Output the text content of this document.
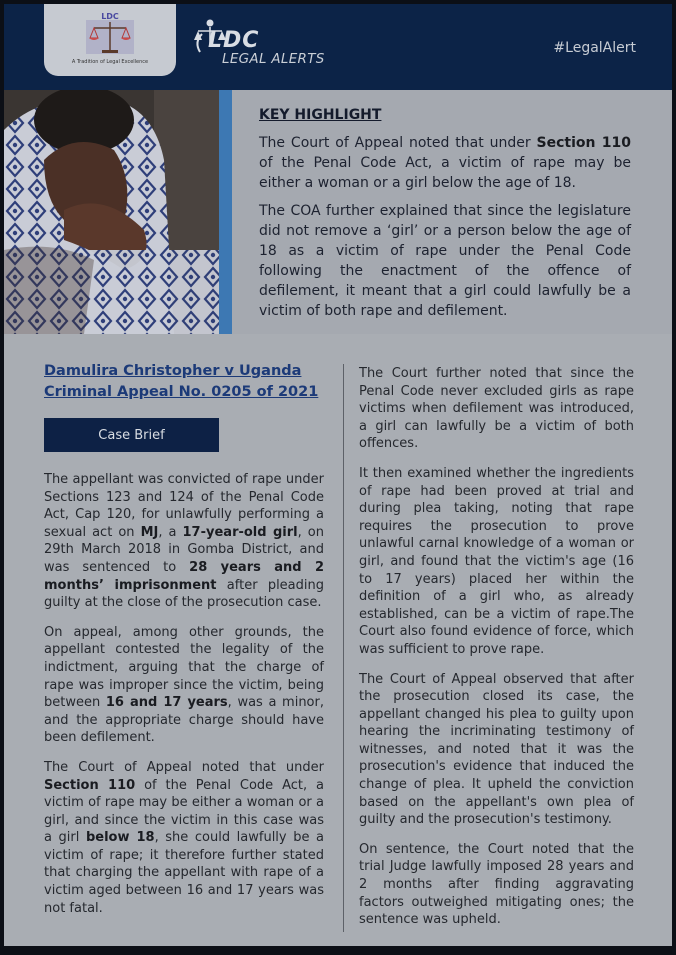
LDC
A Tradition of Legal Excellence
LDC
LEGAL ALERTS
#LegalAlert
KEY HIGHLIGHT

The Court of Appeal noted that under Section 110 of the Penal Code Act, a victim of rape may be either a woman or a girl below the age of 18.

The COA further explained that since the legislature did not remove a ‘girl’ or a person below the age of 18 as a victim of rape under the Penal Code following the enactment of the offence of defilement, it meant that a girl could lawfully be a victim of both rape and defilement.

Damulira Christopher v Uganda
Criminal Appeal No. 0205 of 2021
Case Brief

The appellant was convicted of rape under Sections 123 and 124 of the Penal Code Act, Cap 120, for unlawfully performing a sexual act on MJ, a 17-year-old girl, on 29th March 2018 in Gomba District, and was sentenced to 28 years and 2 months’ imprisonment after pleading guilty at the close of the prosecution case.

On appeal, among other grounds, the appellant contested the legality of the indictment, arguing that the charge of rape was improper since the victim, being between 16 and 17 years, was a minor, and the appropriate charge should have been defilement.

The Court of Appeal noted that under Section 110 of the Penal Code Act, a victim of rape may be either a woman or a girl, and since the victim in this case was a girl below 18, she could lawfully be a victim of rape; it therefore further stated that charging the appellant with rape of a victim aged between 16 and 17 years was not fatal.

The Court further noted that since the Penal Code never excluded girls as rape victims when defilement was introduced, a girl can lawfully be a victim of both offences.

It then examined whether the ingredients of rape had been proved at trial and during plea taking, noting that rape requires the prosecution to prove unlawful carnal knowledge of a woman or girl, and found that the victim's age (16 to 17 years) placed her within the definition of a girl who, as already established, can be a victim of rape.The Court also found evidence of force, which was sufficient to prove rape.

The Court of Appeal observed that after the prosecution closed its case, the appellant changed his plea to guilty upon hearing the incriminating testimony of witnesses, and noted that it was the prosecution's evidence that induced the change of plea. It upheld the conviction based on the appellant's own plea of guilty and the prosecution's testimony.

On sentence, the Court noted that the trial Judge lawfully imposed 28 years and 2 months after finding aggravating factors outweighed mitigating ones; the sentence was upheld.
